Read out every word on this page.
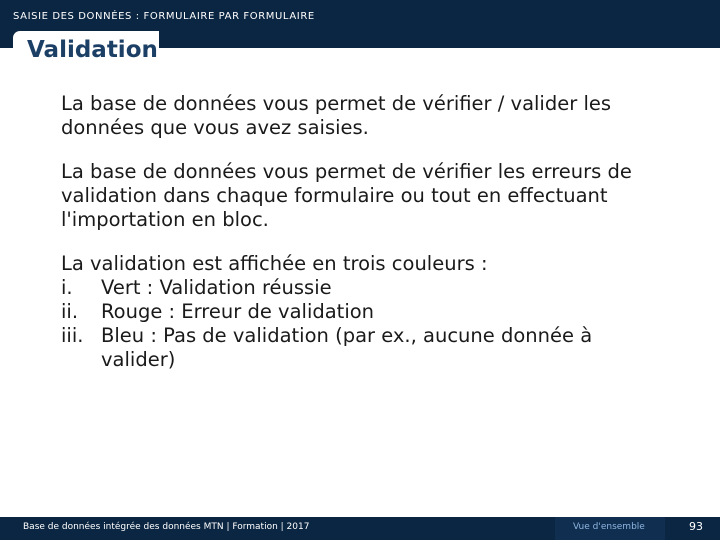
SAISIE DES DONNÉES : FORMULAIRE PAR FORMULAIRE
Validation

La base de données vous permet de vérifier / valider les données que vous avez saisies.

La base de données vous permet de vérifier les erreurs de validation dans chaque formulaire ou tout en effectuant l'importation en bloc.

La validation est affichée en trois couleurs :

i.	Vert : Validation réussie
ii.	Rouge : Erreur de validation
iii. Bleu : Pas de validation (par ex., aucune donnée à valider)
Base de données intégrée des données MTN | Formation | 2017	Vue d'ensemble	93
